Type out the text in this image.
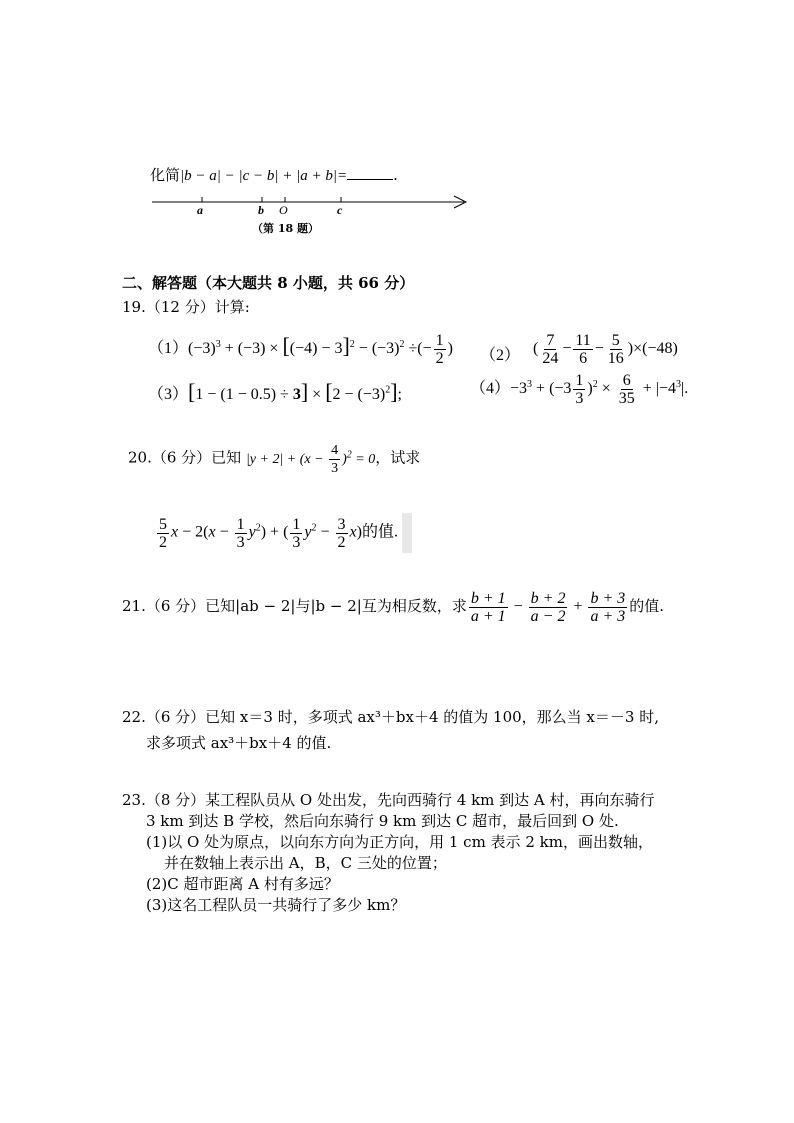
化简|b − a| − |c − b| + |a + b|=	.
a	b O	c
（第 18 题）
二、解答题（本大题共 8 小题，共 66 分）
19.（12 分）计算:
$(1)(-3)^3 + (-3) \times [(-4) - 3]^2 - (-3)^2$ ÷(− $\frac{1}{2}$ ) （2） ( $\frac{7}{24} - \frac{11}{6} - \frac{5}{16} )\times(-48)$
$(3)[1 - (1 - 0.5) \div 3] \times [2 - (-3)^2]$;	$(4)-3^3 + (-3 \frac{1}{3} )^2 \times \frac{6}{35} + |-4^3|$.
20.（6 分）已知 $|y + 2| + (x - \frac{4}{3} )^2 = 0$，试求
$\frac{5}{2}$ $x - 2(x - \frac{1}{3} y^2)$ + ( $\frac{1}{3} y^2 - \frac{3}{2} x$)的值.
21.（6 分）已知|ab − 2|与|b − 2|互为相反数，求 $\frac{b + 1}{a + 1} - \frac{b + 2}{a - 2} + \frac{b + 3}{a + 3}$ 的值.
22.（6 分）已知 x＝3 时，多项式 ax³＋bx＋4 的值为 100，那么当 x＝－3 时,
求多项式 ax³＋bx＋4 的值.
23.（8 分）某工程队员从 O 处出发，先向西骑行 4 km 到达 A 村，再向东骑行
3 km 到达 B 学校，然后向东骑行 9 km 到达 C 超市，最后回到 O 处.
(1)以 O 处为原点，以向东方向为正方向，用 1 cm 表示 2 km，画出数轴，
并在数轴上表示出 A，B，C 三处的位置；
(2)C 超市距离 A 村有多远？
(3)这名工程队员一共骑行了多少 km？
